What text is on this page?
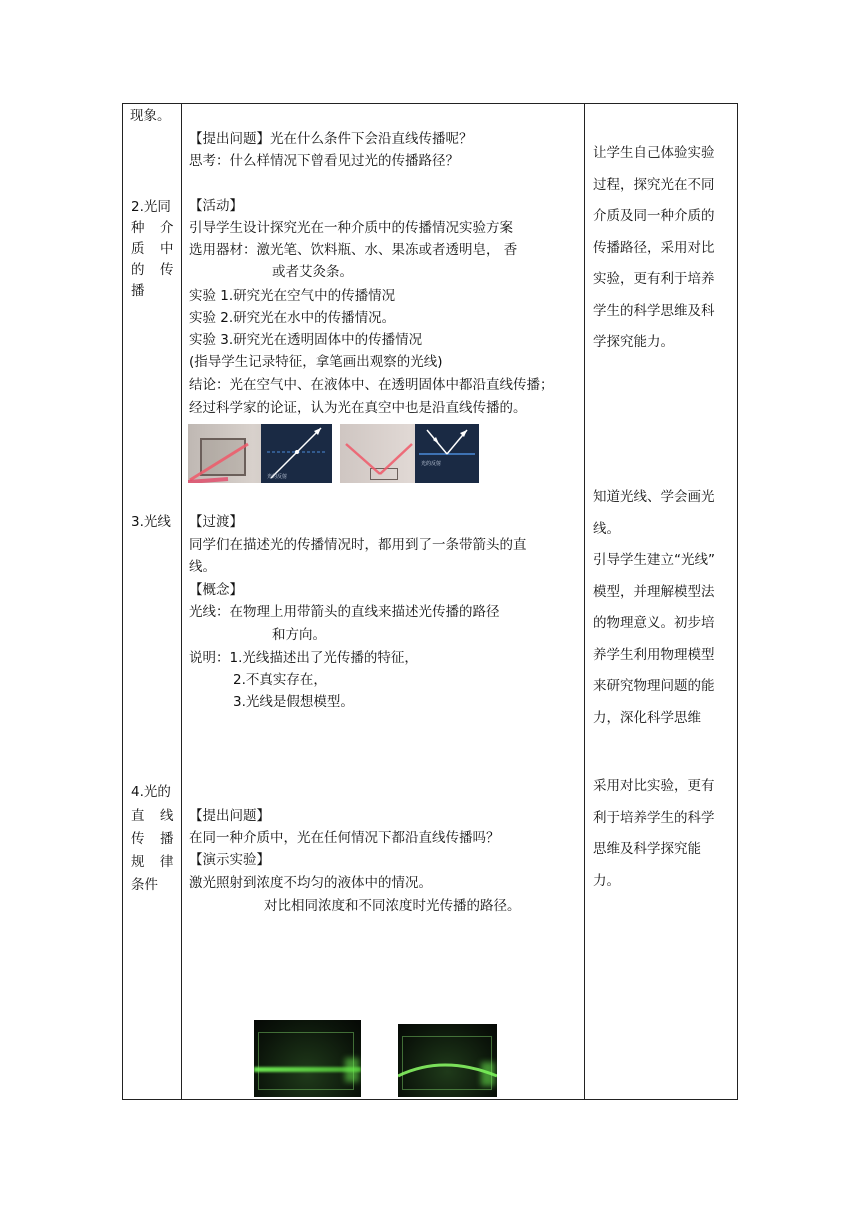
现象。
2.光同
种 介
质 中
的 传
播
3.光线
4.光的
直 线
传 播
规 律
条件
【提出问题】光在什么条件下会沿直线传播呢？
思考：什么样情况下曾看见过光的传播路径？
【活动】
引导学生设计探究光在一种介质中的传播情况实验方案
选用器材：激光笔、饮料瓶、水、果冻或者透明皂， 香
或者艾灸条。
实验 1.研究光在空气中的传播情况
实验 2.研究光在水中的传播情况。
实验 3.研究光在透明固体中的传播情况
(指导学生记录特征，拿笔画出观察的光线)
结论：光在空气中、在液体中、在透明固体中都沿直线传播；
经过科学家的论证，认为光在真空中也是沿直线传播的。
光的反射
光的反射
【过渡】
同学们在描述光的传播情况时，都用到了一条带箭头的直
线。
【概念】
光线：在物理上用带箭头的直线来描述光传播的路径
和方向。
说明：1.光线描述出了光传播的特征，
2.不真实存在，
3.光线是假想模型。
【提出问题】
在同一种介质中，光在任何情况下都沿直线传播吗？
【演示实验】
激光照射到浓度不均匀的液体中的情况。
对比相同浓度和不同浓度时光传播的路径。

让学生自己体验实验

过程，探究光在不同

介质及同一种介质的

传播路径，采用对比

实验，更有利于培养

学生的科学思维及科

学探究能力。

知道光线、学会画光

线。

引导学生建立“光线”

模型，并理解模型法

的物理意义。初步培

养学生利用物理模型

来研究物理问题的能

力，深化科学思维

采用对比实验，更有

利于培养学生的科学

思维及科学探究能

力。
